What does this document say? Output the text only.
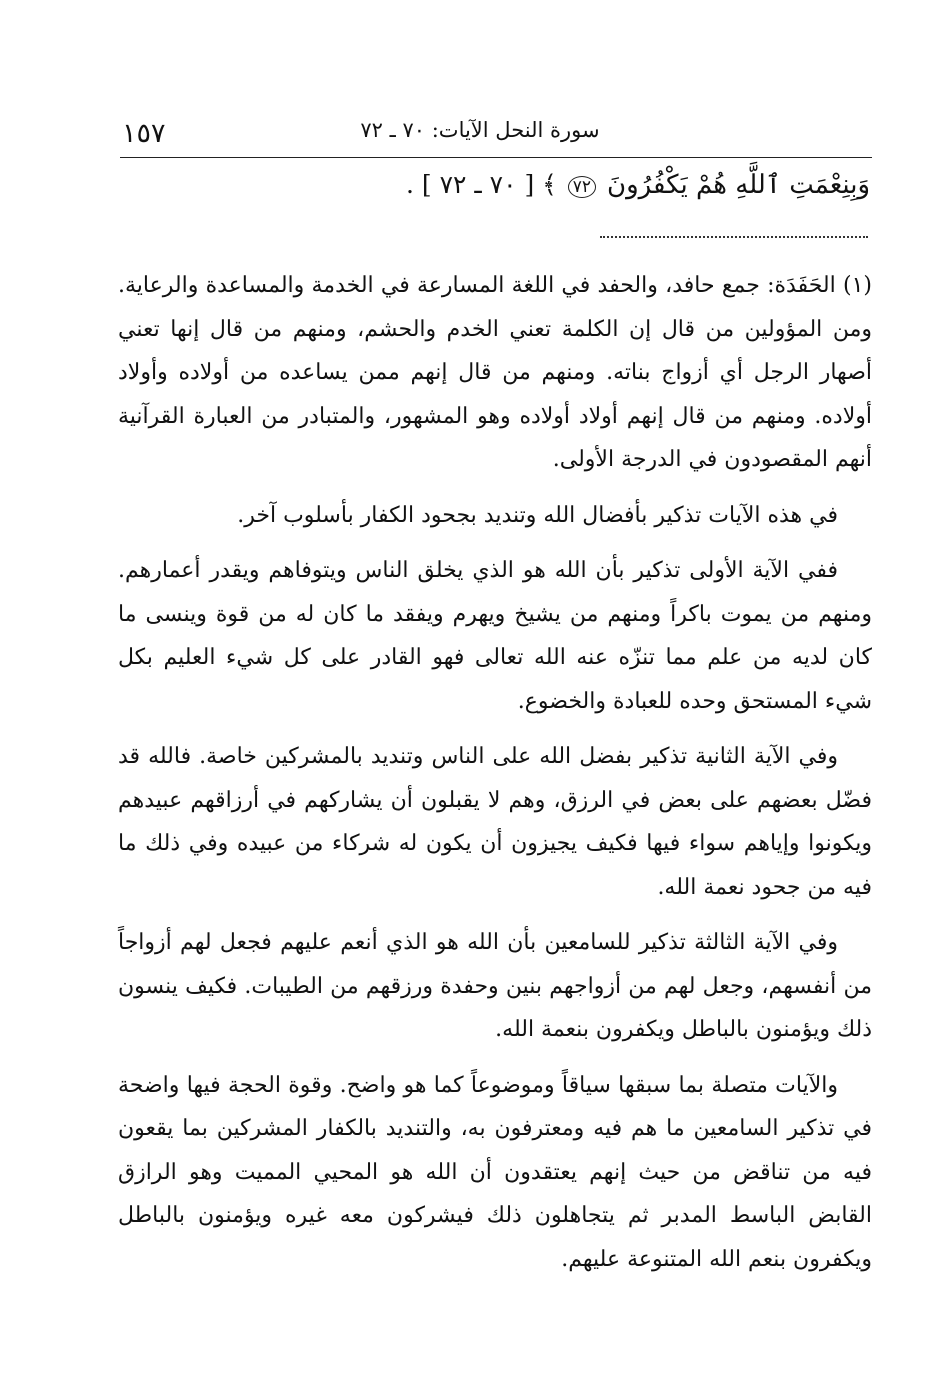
١٥٧	سورة النحل الآيات: ٧٠ ـ ٧٢
وَبِنِعْمَتِ ٱللَّهِ هُمْ يَكْفُرُونَ ٧٢ ﴾ [ ٧٠ ـ ٧٢ ] .

(١) الحَفَدَة: جمع حافد، والحفد في اللغة المسارعة في الخدمة والمساعدة والرعاية. ومن المؤولين من قال إن الكلمة تعني الخدم والحشم، ومنهم من قال إنها تعني أصهار الرجل أي أزواج بناته. ومنهم من قال إنهم ممن يساعده من أولاده وأولاد أولاده. ومنهم من قال إنهم أولاد أولاده وهو المشهور، والمتبادر من العبارة القرآنية أنهم المقصودون في الدرجة الأولى.

في هذه الآيات تذكير بأفضال الله وتنديد بجحود الكفار بأسلوب آخر.

ففي الآية الأولى تذكير بأن الله هو الذي يخلق الناس ويتوفاهم ويقدر أعمارهم. ومنهم من يموت باكراً ومنهم من يشيخ ويهرم ويفقد ما كان له من قوة وينسى ما كان لديه من علم مما تنزّه عنه الله تعالى فهو القادر على كل شيء العليم بكل شيء المستحق وحده للعبادة والخضوع.

وفي الآية الثانية تذكير بفضل الله على الناس وتنديد بالمشركين خاصة. فالله قد فضّل بعضهم على بعض في الرزق، وهم لا يقبلون أن يشاركهم في أرزاقهم عبيدهم ويكونوا وإياهم سواء فيها فكيف يجيزون أن يكون له شركاء من عبيده وفي ذلك ما فيه من جحود نعمة الله.

وفي الآية الثالثة تذكير للسامعين بأن الله هو الذي أنعم عليهم فجعل لهم أزواجاً من أنفسهم، وجعل لهم من أزواجهم بنين وحفدة ورزقهم من الطيبات. فكيف ينسون ذلك ويؤمنون بالباطل ويكفرون بنعمة الله.

والآيات متصلة بما سبقها سياقاً وموضوعاً كما هو واضح. وقوة الحجة فيها واضحة في تذكير السامعين ما هم فيه ومعترفون به، والتنديد بالكفار المشركين بما يقعون فيه من تناقض من حيث إنهم يعتقدون أن الله هو المحيي المميت وهو الرازق القابض الباسط المدبر ثم يتجاهلون ذلك فيشركون معه غيره ويؤمنون بالباطل ويكفرون بنعم الله المتنوعة عليهم.
